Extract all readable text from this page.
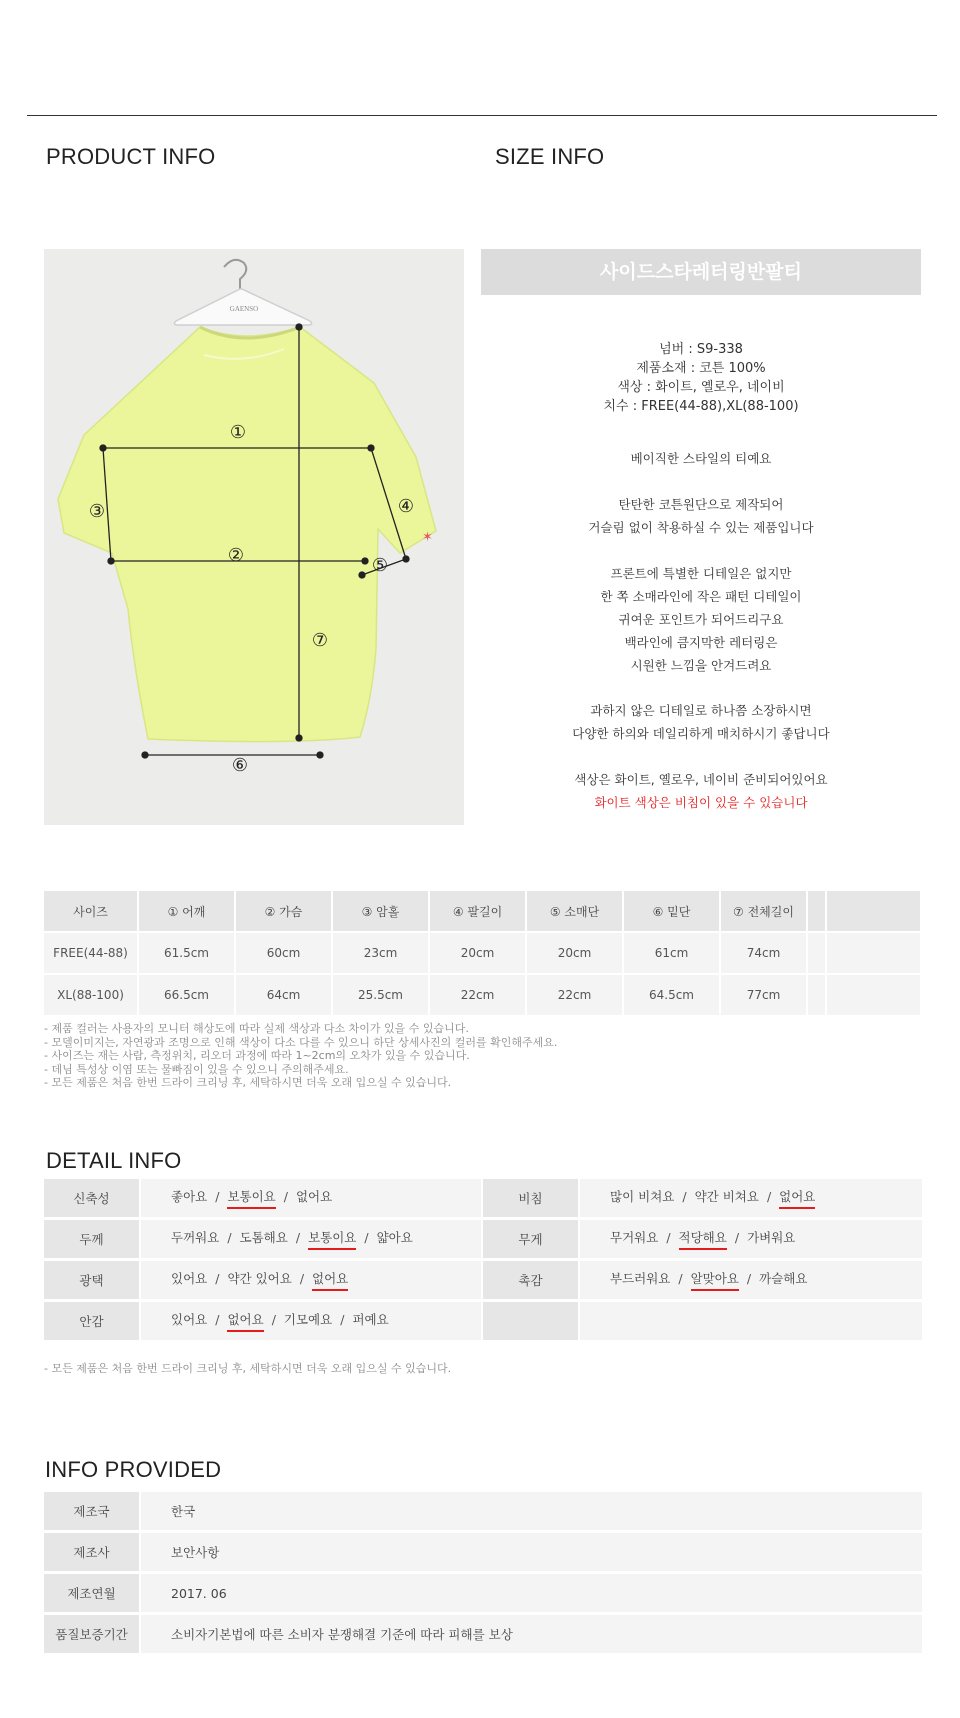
PRODUCT INFO	SIZE INFO
GAENSO
✶
①
②
③	④
⑤
⑥
⑦
사이드스타레터링반팔티
넘버 : S9-338
제품소재 : 코튼 100%
색상 : 화이트, 옐로우, 네이비
치수 : FREE(44-88),XL(88-100)
베이직한 스타일의 티예요
탄탄한 코튼원단으로 제작되어
거슬림 없이 착용하실 수 있는 제품입니다
프론트에 특별한 디테일은 없지만
한 쪽 소매라인에 작은 패턴 디테일이
귀여운 포인트가 되어드리구요
백라인에 큼지막한 레터링은
시원한 느낌을 안겨드려요
과하지 않은 디테일로 하나쯤 소장하시면
다양한 하의와 데일리하게 매치하시기 좋답니다
색상은 화이트, 옐로우, 네이비 준비되어있어요
화이트 색상은 비침이 있을 수 있습니다
사이즈	① 어깨	② 가슴	③ 암홀	④ 팔길이	⑤ 소매단	⑥ 밑단	⑦ 전체길이		
FREE(44-88)	61.5cm	60cm	23cm	20cm	20cm	61cm	74cm		
XL(88-100)	66.5cm	64cm	25.5cm	22cm	22cm	64.5cm	77cm		
- 제품 컬러는 사용자의 모니터 해상도에 따라 실제 색상과 다소 차이가 있을 수 있습니다.
- 모델이미지는, 자연광과 조명으로 인해 색상이 다소 다를 수 있으니 하단 상세사진의 컬러를 확인해주세요.
- 사이즈는 재는 사람, 측정위치, 리오더 과정에 따라 1~2cm의 오차가 있을 수 있습니다.
- 데님 특성상 이염 또는 물빠짐이 있을 수 있으니 주의해주세요.
- 모든 제품은 처음 한번 드라이 크리닝 후, 세탁하시면 더욱 오래 입으실 수 있습니다.
DETAIL INFO
신축성		좋아요 / 보통이요 / 없어요		비침		많이 비쳐요 / 약간 비쳐요 / 없어요
두께		두꺼워요 / 도톰해요 / 보통이요 / 얇아요		무게		무거워요 / 적당해요 / 가벼워요
광택		있어요 / 약간 있어요 / 없어요		촉감		부드러워요 / 알맞아요 / 까슬해요
안감		있어요 / 없어요 / 기모예요 / 퍼예요				
- 모든 제품은 처음 한번 드라이 크리닝 후, 세탁하시면 더욱 오래 입으실 수 있습니다.
INFO PROVIDED
제조국		한국
제조사		보안사항
제조연월		2017. 06
품질보증기간		소비자기본법에 따른 소비자 분쟁해결 기준에 따라 피해를 보상
